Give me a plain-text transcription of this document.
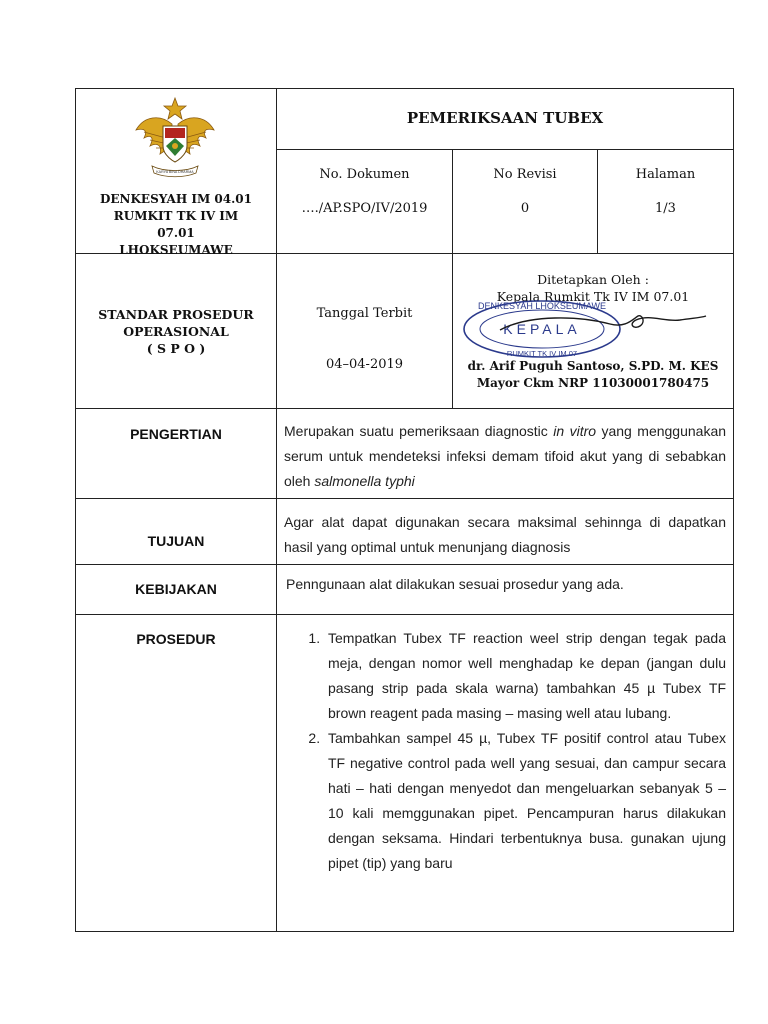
KARYA BINA DHARMA
DENKESYAH IM 04.01
RUMKIT TK IV IM
07.01
LHOKSEUMAWE
PEMERIKSAAN TUBEX
No. Dokumen
…./AP.SPO/IV/2019
No Revisi
0
Halaman
1/3
STANDAR PROSEDUR
OPERASIONAL
( S P O )
Tanggal Terbit
04–04-2019
Ditetapkan Oleh :
Kepala Rumkit Tk IV IM 07.01
DENKESYAH LHOKSEUMAWE
KEPALA
RUMKIT TK IV IM 07
dr. Arif Puguh Santoso, S.PD. M. KES
Mayor Ckm NRP 11030001780475
PENGERTIAN	Merupakan suatu pemeriksaan diagnostic in vitro yang menggunakan serum untuk mendeteksi infeksi demam tifoid akut yang di sebabkan oleh salmonella typhi
TUJUAN
Agar alat dapat digunakan secara maksimal sehinnga di dapatkan hasil yang optimal untuk menunjang diagnosis
KEBIJAKAN	Penngunaan alat dilakukan sesuai prosedur yang ada.
PROSEDUR
1.	Tempatkan Tubex TF reaction weel strip dengan tegak pada meja, dengan nomor well menghadap ke depan (jangan dulu pasang strip pada skala warna) tambahkan 45 µ Tubex TF brown reagent pada masing – masing well atau lubang.
2. Tambahkan sampel 45 µ, Tubex TF positif control atau Tubex TF negative control pada well yang sesuai, dan campur secara hati – hati dengan menyedot dan mengeluarkan sebanyak 5 – 10 kali memggunakan pipet. Pencampuran harus dilakukan dengan seksama. Hindari terbentuknya busa. gunakan ujung pipet (tip) yang baru
